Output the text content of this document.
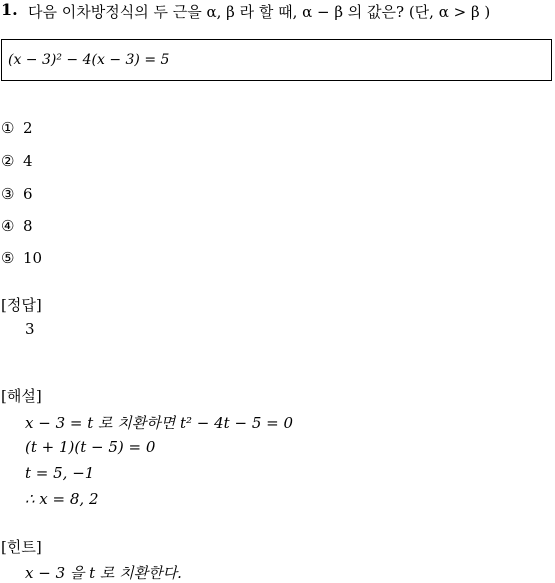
1. 다음 이차방정식의 두 근을 α, β 라 할 때, α − β 의 값은? (단, α > β )
(x − 3)² − 4(x − 3) = 5
① 2
② 4
③ 6
④ 8
⑤ 10
[정답]
3
[해설]
x − 3 = t 로 치환하면 t² − 4t − 5 = 0
(t + 1)(t − 5) = 0
t = 5, −1
∴ x = 8, 2
[힌트]
x − 3 을 t 로 치환한다.
